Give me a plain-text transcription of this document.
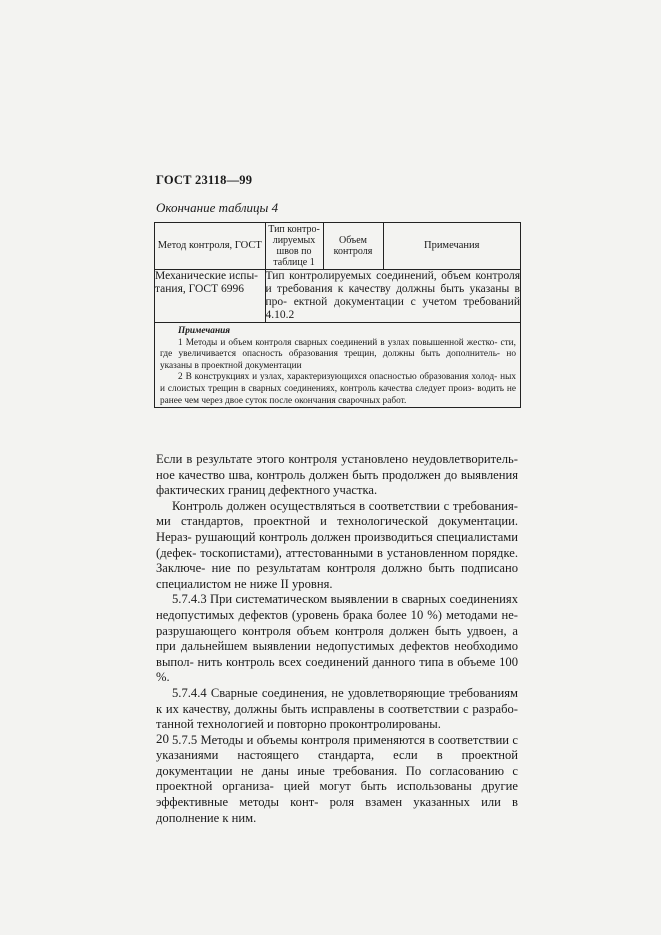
ГОСТ 23118—99
Окончание таблицы 4
Метод контроля, ГОСТ	Тип контро- лируемых швов по таблице 1	Объем контроля	Примечания
Механические испы- тания, ГОСТ 6996	Тип контролируемых соединений, объем контроля и требования к качеству должны быть указаны в про- ектной документации с учетом требований 4.10.2		

Примечания

1 Методы и объем контроля сварных соединений в узлах повышенной жестко- сти, где увеличивается опасность образования трещин, должны быть дополнитель- но указаны в проектной документации

2 В конструкциях и узлах, характеризующихся опасностью образования холод- ных и слоистых трещин в сварных соединениях, контроль качества следует произ- водить не ранее чем через двое суток после окончания сварочных работ.			

Если в результате этого контроля установлено неудовлетворитель- ное качество шва, контроль должен быть продолжен до выявления фактических границ дефектного участка.

Контроль должен осуществляться в соответствии с требования- ми стандартов, проектной и технологической документации. Нераз- рушающий контроль должен производиться специалистами (дефек- тоскопистами), аттестованными в установленном порядке. Заключе- ние по результатам контроля должно быть подписано специалистом не ниже II уровня.

5.7.4.3 При систематическом выявлении в сварных соединениях недопустимых дефектов (уровень брака более 10 %) методами не- разрушающего контроля объем контроля должен быть удвоен, а при дальнейшем выявлении недопустимых дефектов необходимо выпол- нить контроль всех соединений данного типа в объеме 100 %.

5.7.4.4 Сварные соединения, не удовлетворяющие требованиям к их качеству, должны быть исправлены в соответствии с разрабо- танной технологией и повторно проконтролированы.

5.7.5 Методы и объемы контроля применяются в соответствии с указаниями настоящего стандарта, если в проектной документации не даны иные требования. По согласованию с проектной организа- цией могут быть использованы другие эффективные методы конт- роля взамен указанных или в дополнение к ним.

20
